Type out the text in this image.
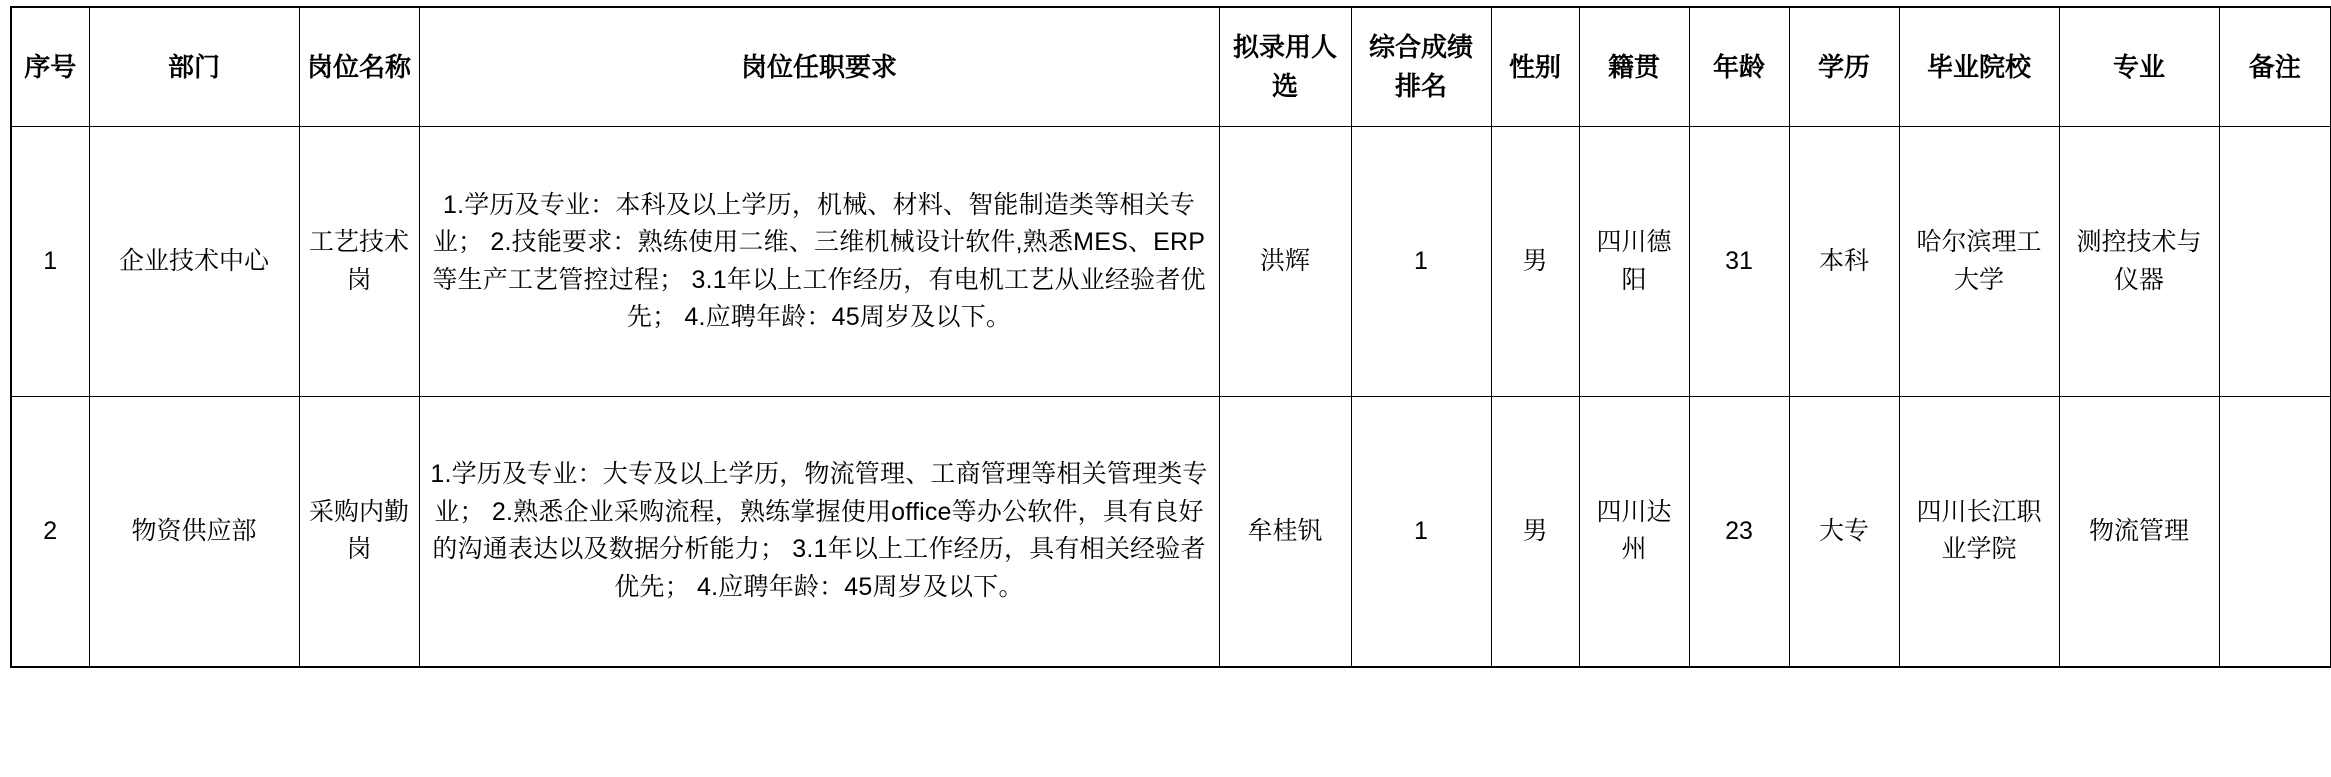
序号	部门	岗位名称	岗位任职要求	拟录用人选	综合成绩排名	性别	籍贯	年龄	学历	毕业院校	专业	备注
1	企业技术中心	工艺技术岗	1.学历及专业：本科及以上学历，机械、材料、智能制造类等相关专业； 2.技能要求：熟练使用二维、三维机械设计软件,熟悉MES、ERP等生产工艺管控过程； 3.1年以上工作经历，有电机工艺从业经验者优先； 4.应聘年龄：45周岁及以下。	洪辉	1	男	四川德阳	31	本科	哈尔滨理工大学	测控技术与仪器	
2	物资供应部	采购内勤岗	1.学历及专业：大专及以上学历，物流管理、工商管理等相关管理类专业； 2.熟悉企业采购流程，熟练掌握使用office等办公软件，具有良好的沟通表达以及数据分析能力； 3.1年以上工作经历，具有相关经验者优先； 4.应聘年龄：45周岁及以下。	牟桂钒	1	男	四川达州	23	大专	四川长江职业学院	物流管理	
